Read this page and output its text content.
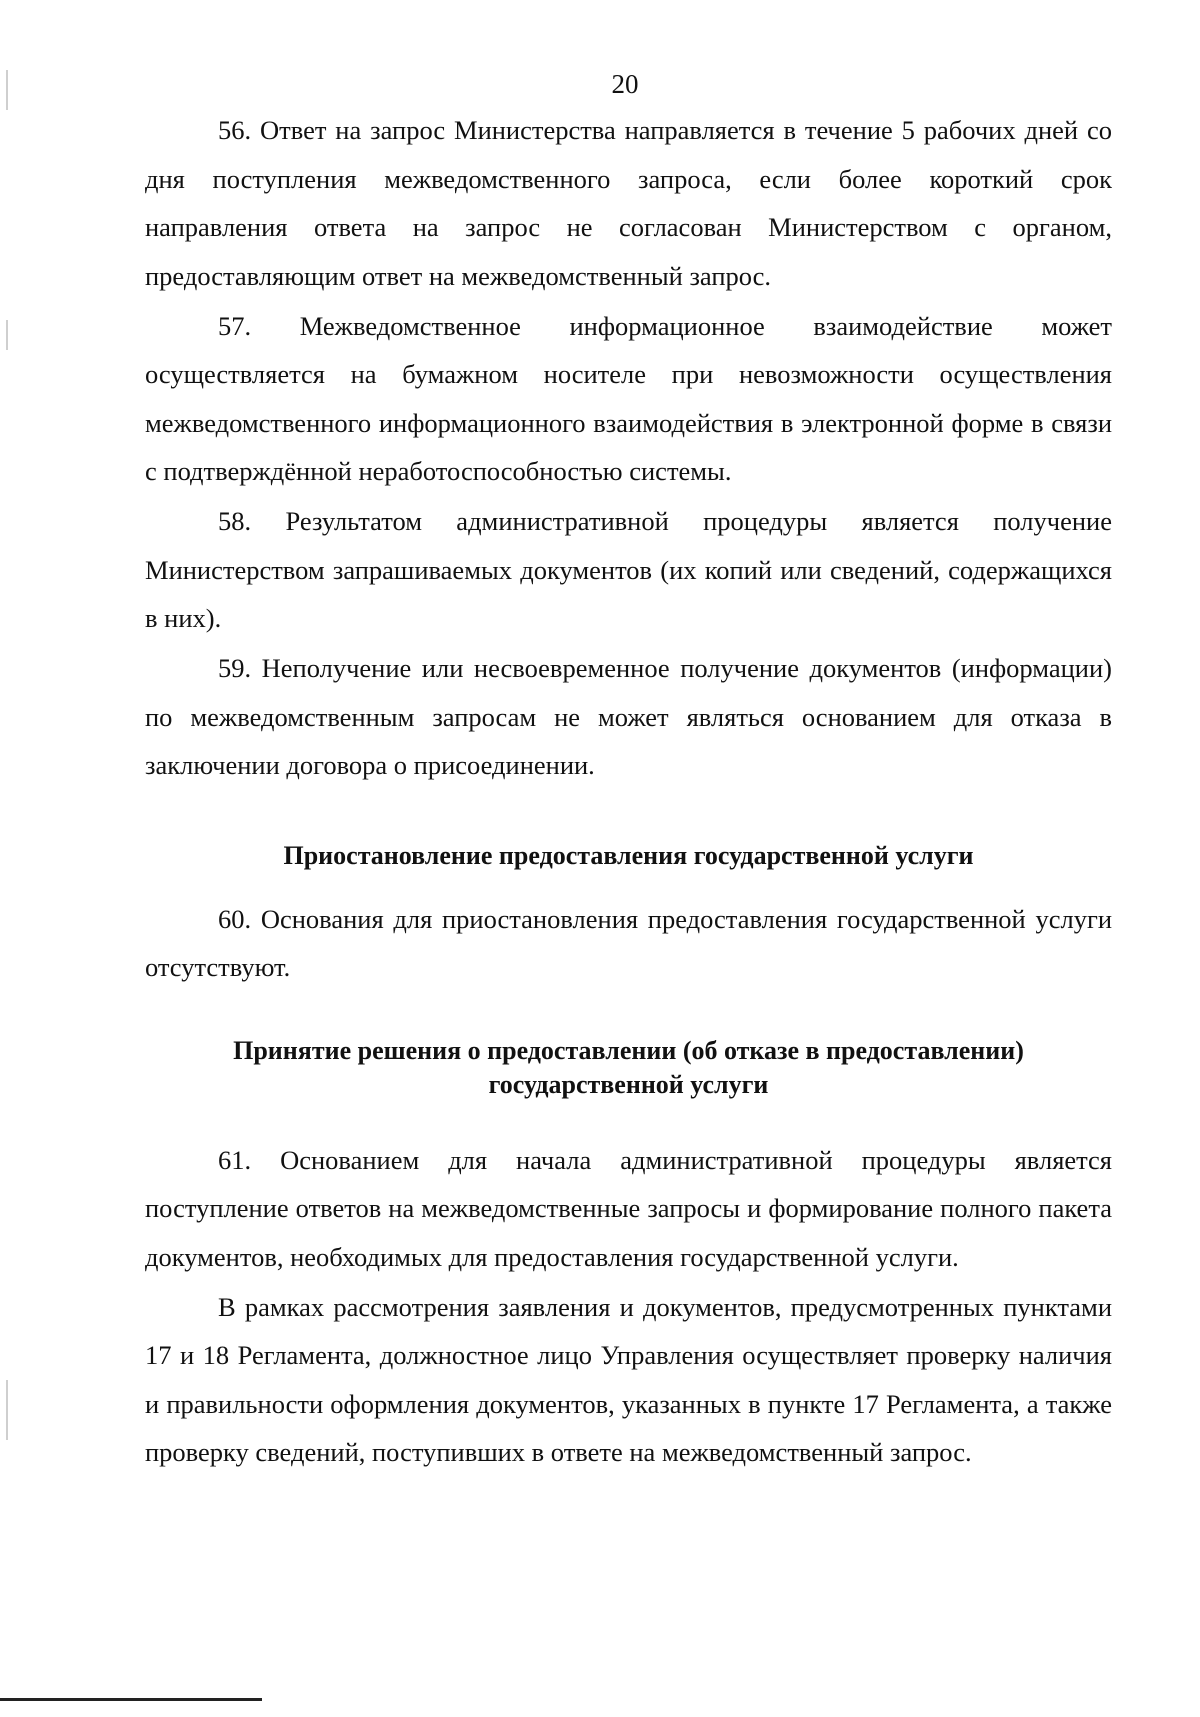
20

56. Ответ на запрос Министерства направляется в течение 5 рабочих дней со дня поступления межведомственного запроса, если более короткий срок направления ответа на запрос не согласован Министерством с органом, предоставляющим ответ на межведомственный запрос.

57. Межведомственное информационное взаимодействие может осуществляется на бумажном носителе при невозможности осуществления межведомственного информационного взаимодействия в электронной форме в связи с подтверждённой неработоспособностью системы.

58. Результатом административной процедуры является получение Министерством запрашиваемых документов (их копий или сведений, содержащихся в них).

59. Неполучение или несвоевременное получение документов (информации) по межведомственным запросам не может являться основанием для отказа в заключении договора о присоединении.

Приостановление предоставления государственной услуги

60. Основания для приостановления предоставления государственной услуги отсутствуют.

Принятие решения о предоставлении (об отказе в предоставлении)
государственной услуги

61. Основанием для начала административной процедуры является поступление ответов на межведомственные запросы и формирование полного пакета документов, необходимых для предоставления государственной услуги.

В рамках рассмотрения заявления и документов, предусмотренных пунктами 17 и 18 Регламента, должностное лицо Управления осуществляет проверку наличия и правильности оформления документов, указанных в пункте 17 Регламента, а также проверку сведений, поступивших в ответе на межведомственный запрос.
